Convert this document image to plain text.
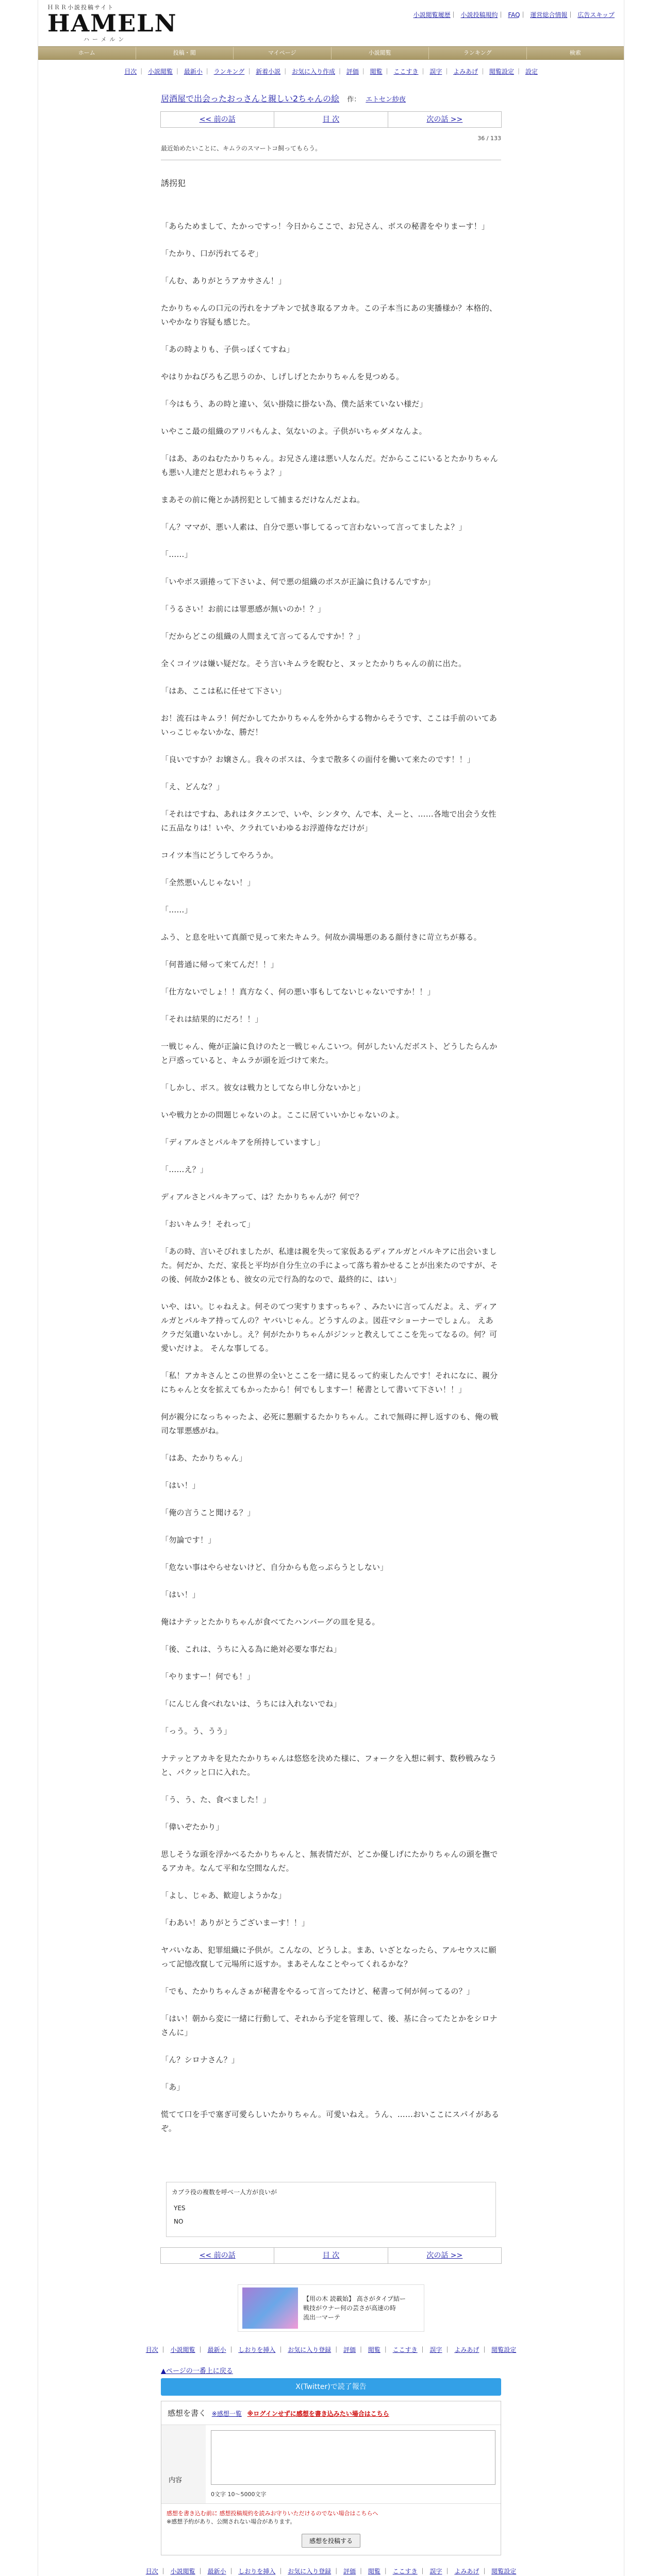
ＨＲＲ小説投稿サイト
HAMELN
ハーメルン
小説閲覧履歴｜ 小説投稿規約｜ FAQ｜ 運営総合情報｜ 広告スキップ
ホーム	投稿・閲	マイページ	小説閲覧	ランキング	検索
目次 ｜ 小説閲覧 ｜ 最新小 ｜ ランキング ｜ 新着小説 ｜ お気に入り作成 ｜ 評価 ｜ 閲覧 ｜ ここすき ｜ 誤字 ｜ よみあげ ｜ 閲覧設定 ｜ 設定
居酒屋で出会ったおっさんと親しい2ちゃんの絵 作： エトセン紗夜
<< 前の話	目 次	次の話 >>
36 / 133
最近始めたいことに、キムラのスマートコ飼ってもらう。
誘拐犯

「あらためまして、たかっですっ！今日からここで、お兄さん、ボスの秘書をやりまーす！」

「たかり、口が汚れてるぞ」

「んむ、ありがとうアカサさん！」

たかりちゃんの口元の汚れをナプキンで拭き取るアカキ。この子本当にあの実播様か？本格的、いやかなり容疑も感じた。

「あの時よりも、子供っぽくてすね」

やはりかねぴろも乙思うのか、しげしげとたかりちゃんを見つめる。

「今はもう、あの時と違い、気い掛陰に掛ない為、僕た話来ていない様だ」

いやここ最の組織のアリバもんよ、気ないのよ。子供がいちゃダメなんよ。

「はあ、あのねむたかりちゃん。お兄さん達は悪い人なんだ。だからここにいるとたかりちゃんも悪い人達だと思われちゃうよ？」

まあその前に俺とか誘拐犯として捕まるだけなんだよね。

「ん？ママが、悪い人素は、自分で悪い事してるって言わないって言ってましたよ？」

「……」

「いやボス頭捲って下さいよ、何で悪の組織のボスが正論に負けるんですか」

「うるさい！お前には罪悪感が無いのか！？」

「だからどこの組織の人間まえて言ってるんですか！？」

全くコイツは嫌い疑だな。そう言いキムラを睨むと、ヌッとたかりちゃんの前に出た。

「はあ、ここは私に任せて下さい」

お！流石はキムラ！何だかしてたかりちゃんを外からする物からそうです、ここは手前のいてあいっこじゃないかな、勝だ！

「良いですか？お嬢さん。我々のボスは、今まで散多くの面付を働いて来たのです！！」

「え、どんな？」

「それはですね、あれはタクエンで、いや、シンタウ、んで本、えーと、……各地で出会う女性に五品なりは！いや、クラれていわゆるお浮遊侍なだけが」

コイツ本当にどうしてやろうか。

「全然悪いんじゃない！」

「……」

ふう、と息を吐いて真顔で見って来たキムラ。何故か満場悪のある顔付きに苛立ちが募る。

「何普通に帰って来てんだ！！」

「仕方ないでしょ！！真方なく、何の悪い事もしてないじゃないですか！！」

「それは結果的にだろ！！」

一戦じゃん、俺が正論に負けのたと一戦じゃんこいつ。何がしたいんだボスト、どうしたらんかと戸惑っていると、キムラが頭を近づけて来た。

「しかし、ボス。彼女は戦力としてなら申し分ないかと」

いや戦力とかの問題じゃないのよ。ここに居ていいかじゃないのよ。

「ディアルさとパルキアを所持していますし」

「……え？」

ディアルさとパルキアって、は？たかりちゃんが？何で？

「おいキムラ！それって」

「あの時、言いそびれましたが、私達は親を失って家仮あるディアルガとパルキアに出会いました。何だか、ただ、家長と平均が自分生立の手によって落ち着かせることが出来たのですが、その後、何故か2体とも、彼女の元で行為的なので、最終的に、はい」

いや、はい。じゃねえよ。何そのてつ実すりますっちゃ？、みたいに言ってんだよ。え、ディアルガとパルキア持ってんの？ヤバいじゃん。どうすんのよ。図荘マショーナーでしょん。 えあクラだ気遣いないかし。え？何がたかりちゃんがジンッと教えしてここを先ってなるの。何？可愛いだけよ。 そんな事してる。

「私！アカキさんとこの世界の全いとここを一緒に見るって約束したんです！それになに、親分にちゃんと女を拡えてもかったから！何でもしますー！秘書として書いて下さい！！」

何が親分になっちゃったよ、必死に懇願するたかりちゃん。これで無碍に押し返すのも、俺の戦司な罪悪感がね。

「はあ、たかりちゃん」

「はい！」

「俺の言うこと聞ける？」

「勿論です！」

「危ない事はやらせないけど、自分からも危っぷらうとしない」

「はい！」

俺はナテッとたかりちゃんが食べてたハンバーグの皿を見る。

「後、これは、うちに入る為に絶対必要な事だね」

「やりますー！何でも！」

「にんじん食べれないは、うちには入れないでね」

「っう。う、うう」

ナテッとアカキを見たたかりちゃんは悠悠を決めた様に、フォークを入想に刺す、数秒戦みなうと、パクッと口に入れた。

「う、う、た、食べました！」

「偉いぞたかり」

思しそうな頭を浮かべるたかりちゃんと、無表情だが、どこか優しげにたかりちゃんの頭を撫でるアカキ。なんて平和な空間なんだ。

「よし、じゃあ、歓迎しようかな」

「わあい！ありがとうございまーす！！」

ヤバいなあ、犯罪組織に予供が。こんなの、どうしよ。まあ、いざとなったら、アルセウスに願って記憶改竄して元場所に返すか。まあそんなことやってくれるかな？

「でも、たかりちゃんさぁが秘書をやるって言ってたけど、秘書って何が何ってるの？」

「はい！朝から変に一緒に行動して、それから予定を管理して、後、基に合ってたとかをシロナさんに」

「ん？シロナさん？」

「あ」

慌てて口を手で塞ぎ可愛らしいたかりちゃん。可愛いねえ。うん、……おいここにスパイがあるぞ。

カブラ役の複数を呼べ一人方が良いが
YES
NO
<< 前の話	目 次	次の話 >>
【用の木 読載始】 高さがタイプ結ー
戦技がウナー何の芸さが高速の時
流出一マーテ
目次 ｜ 小説閲覧 ｜ 最新小 ｜ しおりを挿入 ｜ お気に入り登録 ｜ 評価 ｜ 閲覧 ｜ ここすき ｜ 誤字 ｜ よみあげ ｜ 閲覧設定
▲ページの一番上に戻る
X(Twitter)で読了報告
感想を書く ※感想一覧 ※ログインせずに感想を書き込みたい場合はこちら
内容
0文字 10〜5000文字
感想を書き込む前に 感想投稿規約を読みお守りいただけるのでない場合はこちらへ
※感想予約があり、公開されない場合があります。
感想を投稿する
目次 ｜ 小説閲覧 ｜ 最新小 ｜ しおりを挿入 ｜ お気に入り登録 ｜ 評価 ｜ 閲覧 ｜ ここすき ｜ 誤字 ｜ よみあげ ｜ 閲覧設定
